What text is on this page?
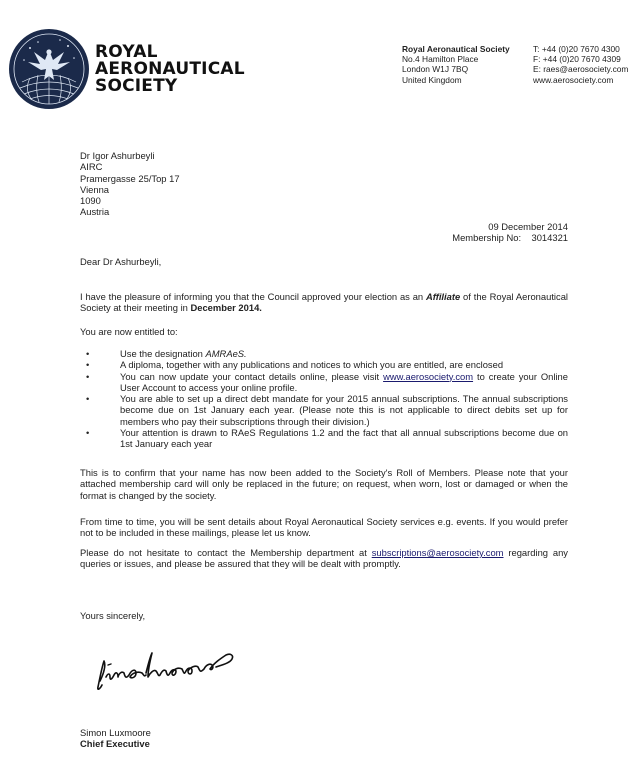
ROYAL
AERONAUTICAL
SOCIETY
Royal Aeronautical Society
No.4 Hamilton Place
London W1J 7BQ
United Kingdom
T: +44 (0)20 7670 4300
F: +44 (0)20 7670 4309
E: raes@aerosociety.com
www.aerosociety.com
Dr Igor Ashurbeyli
AIRC
Pramergasse 25/Top 17
Vienna
1090
Austria
09 December 2014
Membership No: 3014321
Dear Dr Ashurbeyli,
I have the pleasure of informing you that the Council approved your election as an Affiliate of the Royal Aeronautical Society at their meeting in December 2014.
You are now entitled to:
•	Use the designation AMRAeS.
•	A diploma, together with any publications and notices to which you are entitled, are enclosed
•	You can now update your contact details online, please visit www.aerosociety.com to create your Online User Account to access your online profile.
•	You are able to set up a direct debt mandate for your 2015 annual subscriptions. The annual subscriptions become due on 1st January each year. (Please note this is not applicable to direct debits set up for members who pay their subscriptions through their division.)
•	Your attention is drawn to RAeS Regulations 1.2 and the fact that all annual subscriptions become due on 1st January each year
This is to confirm that your name has now been added to the Society's Roll of Members. Please note that your attached membership card will only be replaced in the future; on request, when worn, lost or damaged or when the format is changed by the society.
From time to time, you will be sent details about Royal Aeronautical Society services e.g. events. If you would prefer not to be included in these mailings, please let us know.
Please do not hesitate to contact the Membership department at subscriptions@aerosociety.com regarding any queries or issues, and please be assured that they will be dealt with promptly.
Yours sincerely,
Simon Luxmoore
Chief Executive
